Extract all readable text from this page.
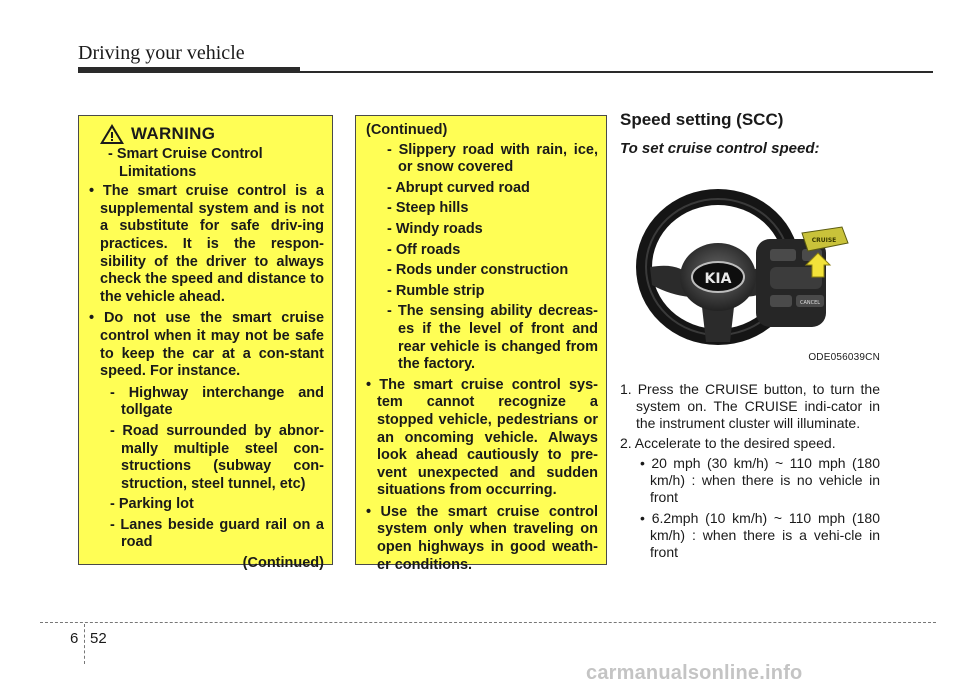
Driving your vehicle
WARNING

- Smart Cruise Control Limitations

• The smart cruise control is a supplemental system and is not a substitute for safe driv-ing practices. It is the respon-sibility of the driver to always check the speed and distance to the vehicle ahead.

• Do not use the smart cruise control when it may not be safe to keep the car at a con-stant speed. For instance.

- Highway interchange and tollgate

- Road surrounded by abnor-mally multiple steel con-structions (subway con-struction, steel tunnel, etc)

- Parking lot

- Lanes beside guard rail on a road

(Continued)

(Continued)

- Slippery road with rain, ice, or snow covered

- Abrupt curved road

- Steep hills

- Windy roads

- Off roads

- Rods under construction

- Rumble strip

- The sensing ability decreas-es if the level of front and rear vehicle is changed from the factory.

• The smart cruise control sys-tem cannot recognize a stopped vehicle, pedestrians or an oncoming vehicle. Always look ahead cautiously to pre-vent unexpected and sudden situations from occurring.

• Use the smart cruise control system only when traveling on open highways in good weath-er conditions.

Speed setting (SCC)

To set cruise control speed:

KIA
CANCEL
CRUISE
ODE056039CN

1. Press the CRUISE button, to turn the system on. The CRUISE indi-cator in the instrument cluster will illuminate.

2. Accelerate to the desired speed.

• 20 mph (30 km/h) ~ 110 mph (180 km/h) : when there is no vehicle in front

• 6.2mph (10 km/h) ~ 110 mph (180 km/h) : when there is a vehi-cle in front

6 52
carmanualsonline.info
